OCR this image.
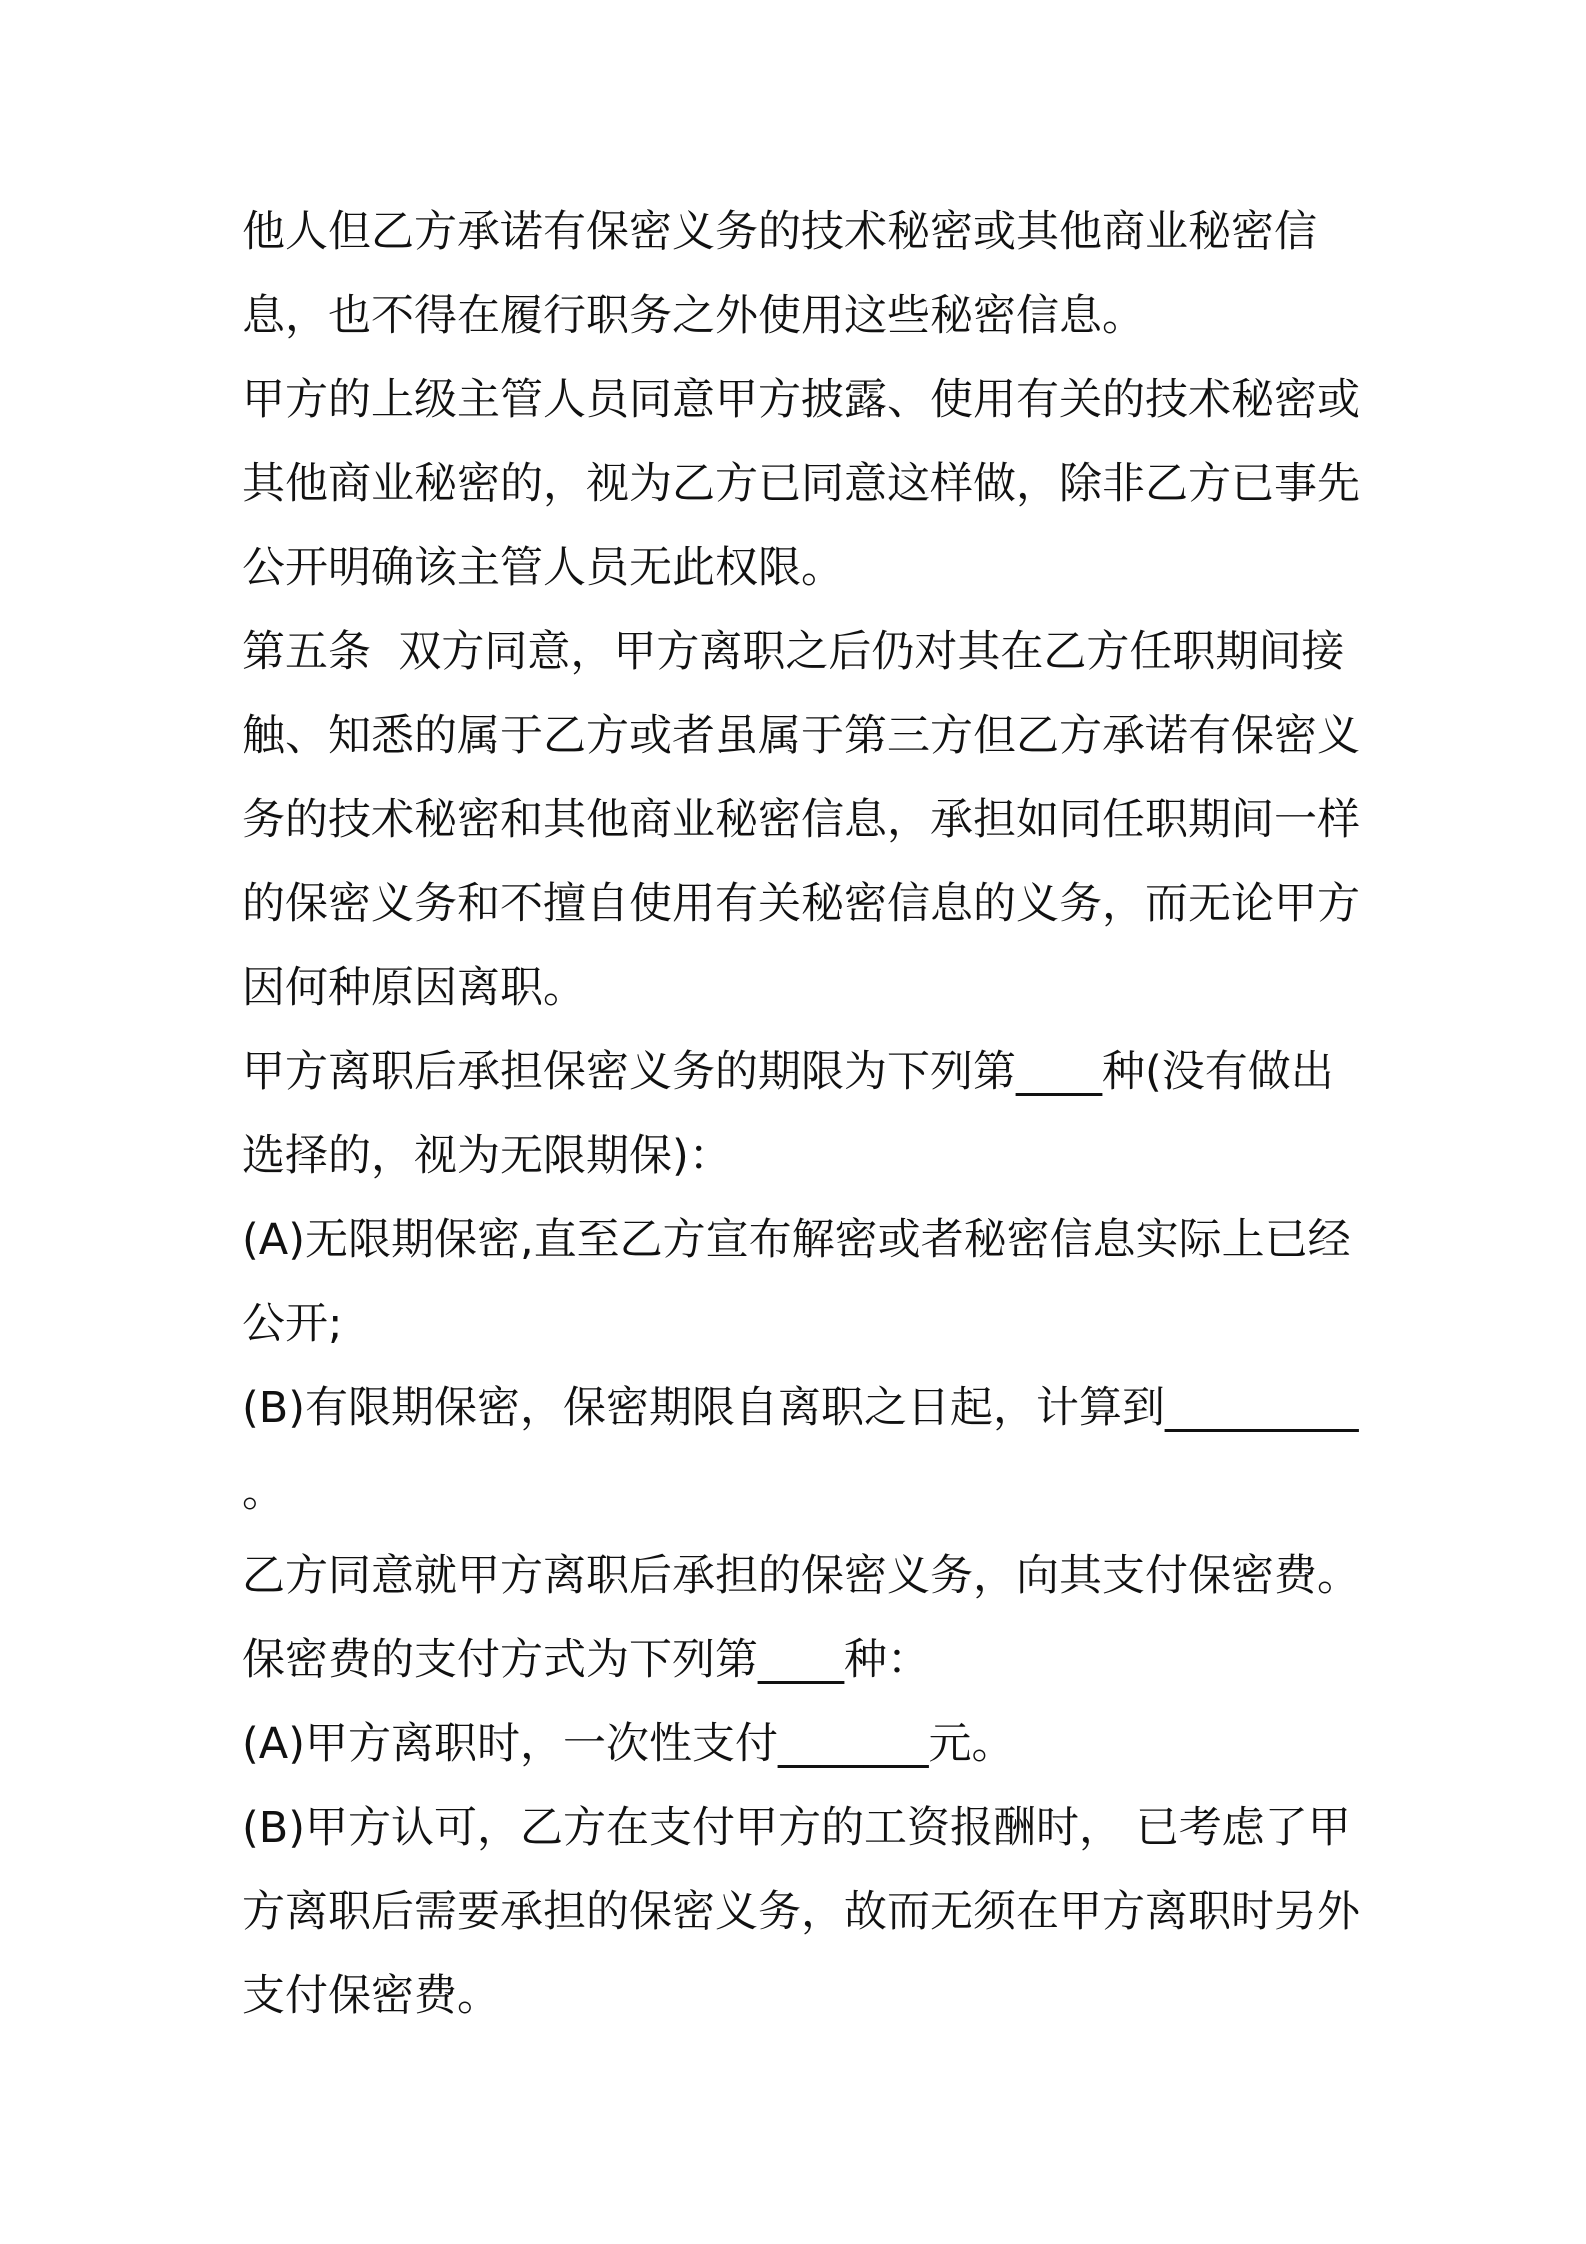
他人但乙方承诺有保密义务的技术秘密或其他商业秘密信
息，也不得在履行职务之外使用这些秘密信息。
甲方的上级主管人员同意甲方披露、使用有关的技术秘密或
其他商业秘密的，视为乙方已同意这样做，除非乙方已事先
公开明确该主管人员无此权限。
第五条  双方同意，甲方离职之后仍对其在乙方任职期间接
触、知悉的属于乙方或者虽属于第三方但乙方承诺有保密义
务的技术秘密和其他商业秘密信息，承担如同任职期间一样
的保密义务和不擅自使用有关秘密信息的义务，而无论甲方
因何种原因离职。
甲方离职后承担保密义务的期限为下列第____种(没有做出
选择的，视为无限期保)：
(A)无限期保密,直至乙方宣布解密或者秘密信息实际上已经
公开;
(B)有限期保密，保密期限自离职之日起，计算到_________
。
乙方同意就甲方离职后承担的保密义务，向其支付保密费。
保密费的支付方式为下列第____种：
(A)甲方离职时，一次性支付_______元。
(B)甲方认可，乙方在支付甲方的工资报酬时， 已考虑了甲
方离职后需要承担的保密义务，故而无须在甲方离职时另外
支付保密费。
